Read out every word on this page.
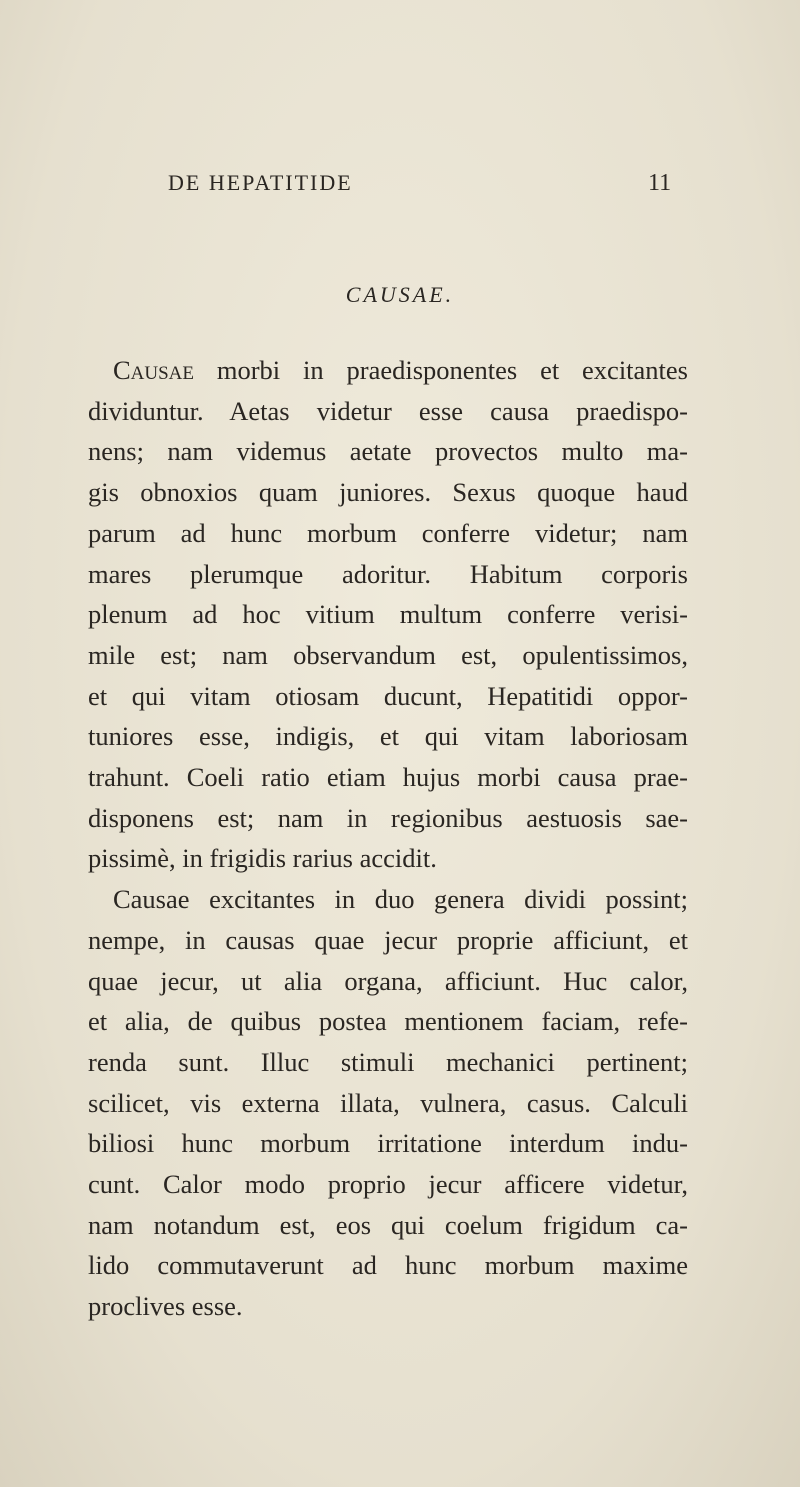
DE HEPATITIDE	11
CAUSAE.
Causae morbi in praedisponentes et excitantes
dividuntur. Aetas videtur esse causa praedispo-
nens; nam videmus aetate provectos multo ma-
gis obnoxios quam juniores. Sexus quoque haud
parum ad hunc morbum conferre videtur; nam
mares plerumque adoritur. Habitum corporis
plenum ad hoc vitium multum conferre verisi-
mile est; nam observandum est, opulentissimos,
et qui vitam otiosam ducunt, Hepatitidi oppor-
tuniores esse, indigis, et qui vitam laboriosam
trahunt. Coeli ratio etiam hujus morbi causa prae-
disponens est; nam in regionibus aestuosis sae-
pissimè, in frigidis rarius accidit.
Causae excitantes in duo genera dividi possint;
nempe, in causas quae jecur proprie afficiunt, et
quae jecur, ut alia organa, afficiunt. Huc calor,
et alia, de quibus postea mentionem faciam, refe-
renda sunt. Illuc stimuli mechanici pertinent;
scilicet, vis externa illata, vulnera, casus. Calculi
biliosi hunc morbum irritatione interdum indu-
cunt. Calor modo proprio jecur afficere videtur,
nam notandum est, eos qui coelum frigidum ca-
lido commutaverunt ad hunc morbum maxime
proclives esse.
